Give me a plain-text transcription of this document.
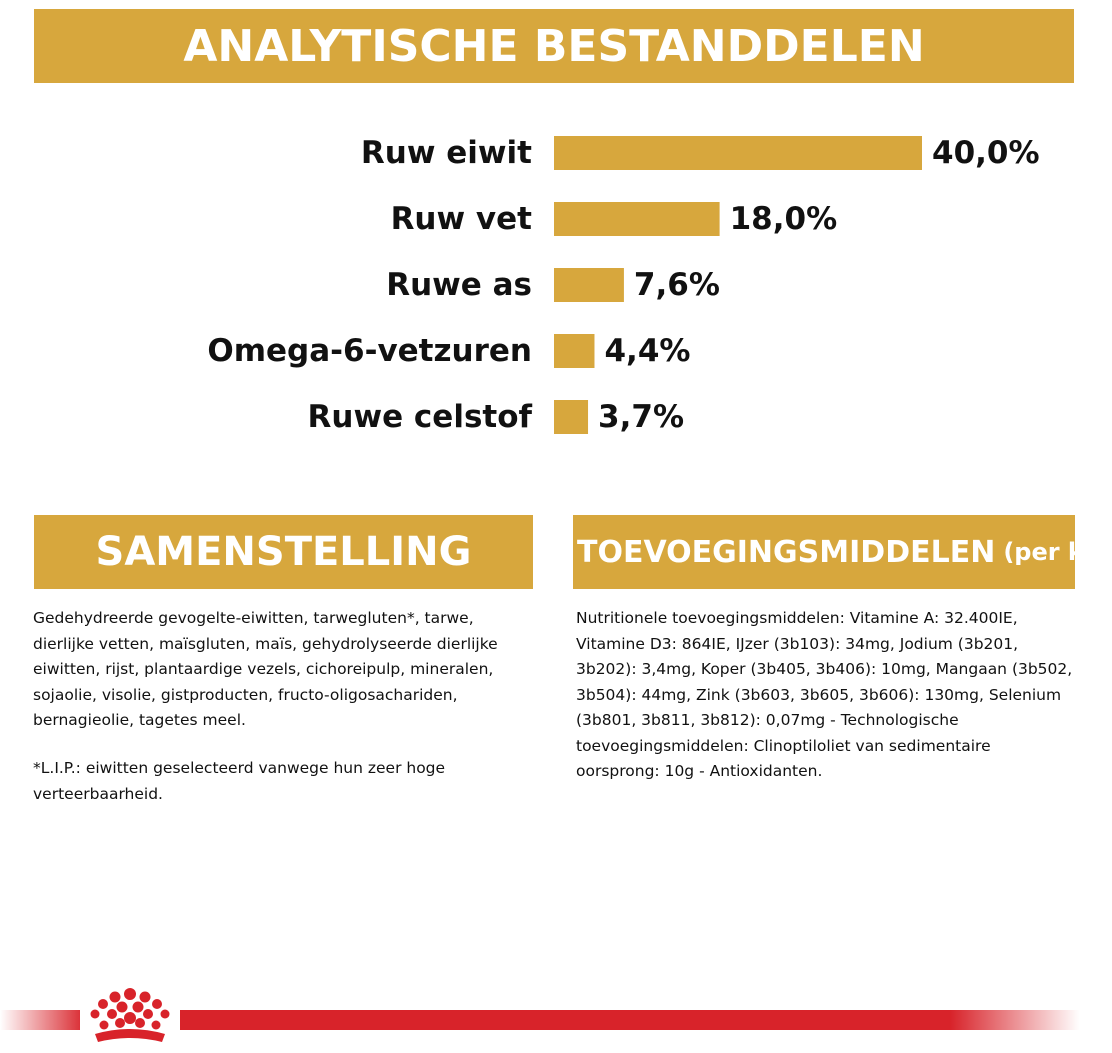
ANALYTISCHE BESTANDDELEN
Ruw eiwit	40,0%
Ruw vet	18,0%
Ruwe as	7,6%
Omega-6-vetzuren 4,4%
Ruwe celstof 3,7%
SAMENSTELLING

Gedehydreerde gevogelte-eiwitten, tarwegluten*, tarwe, dierlijke vetten, maïsgluten, maïs, gehydrolyseerde dierlijke eiwitten, rijst, plantaardige vezels, cichoreipulp, mineralen, sojaolie, visolie, gistproducten, fructo-oligosachariden, bernagieolie, tagetes meel.

*L.I.P.: eiwitten geselecteerd vanwege hun zeer hoge verteerbaarheid.

TOEVOEGINGSMIDDELEN (per kg)

Nutritionele toevoegingsmiddelen: Vitamine A: 32.400IE, Vitamine D3: 864IE, IJzer (3b103): 34mg, Jodium (3b201, 3b202): 3,4mg, Koper (3b405, 3b406): 10mg, Mangaan (3b502, 3b504): 44mg, Zink (3b603, 3b605, 3b606): 130mg, Selenium (3b801, 3b811, 3b812): 0,07mg - Technologische toevoegingsmiddelen: Clinoptiloliet van sedimentaire oorsprong: 10g - Antioxidanten.
